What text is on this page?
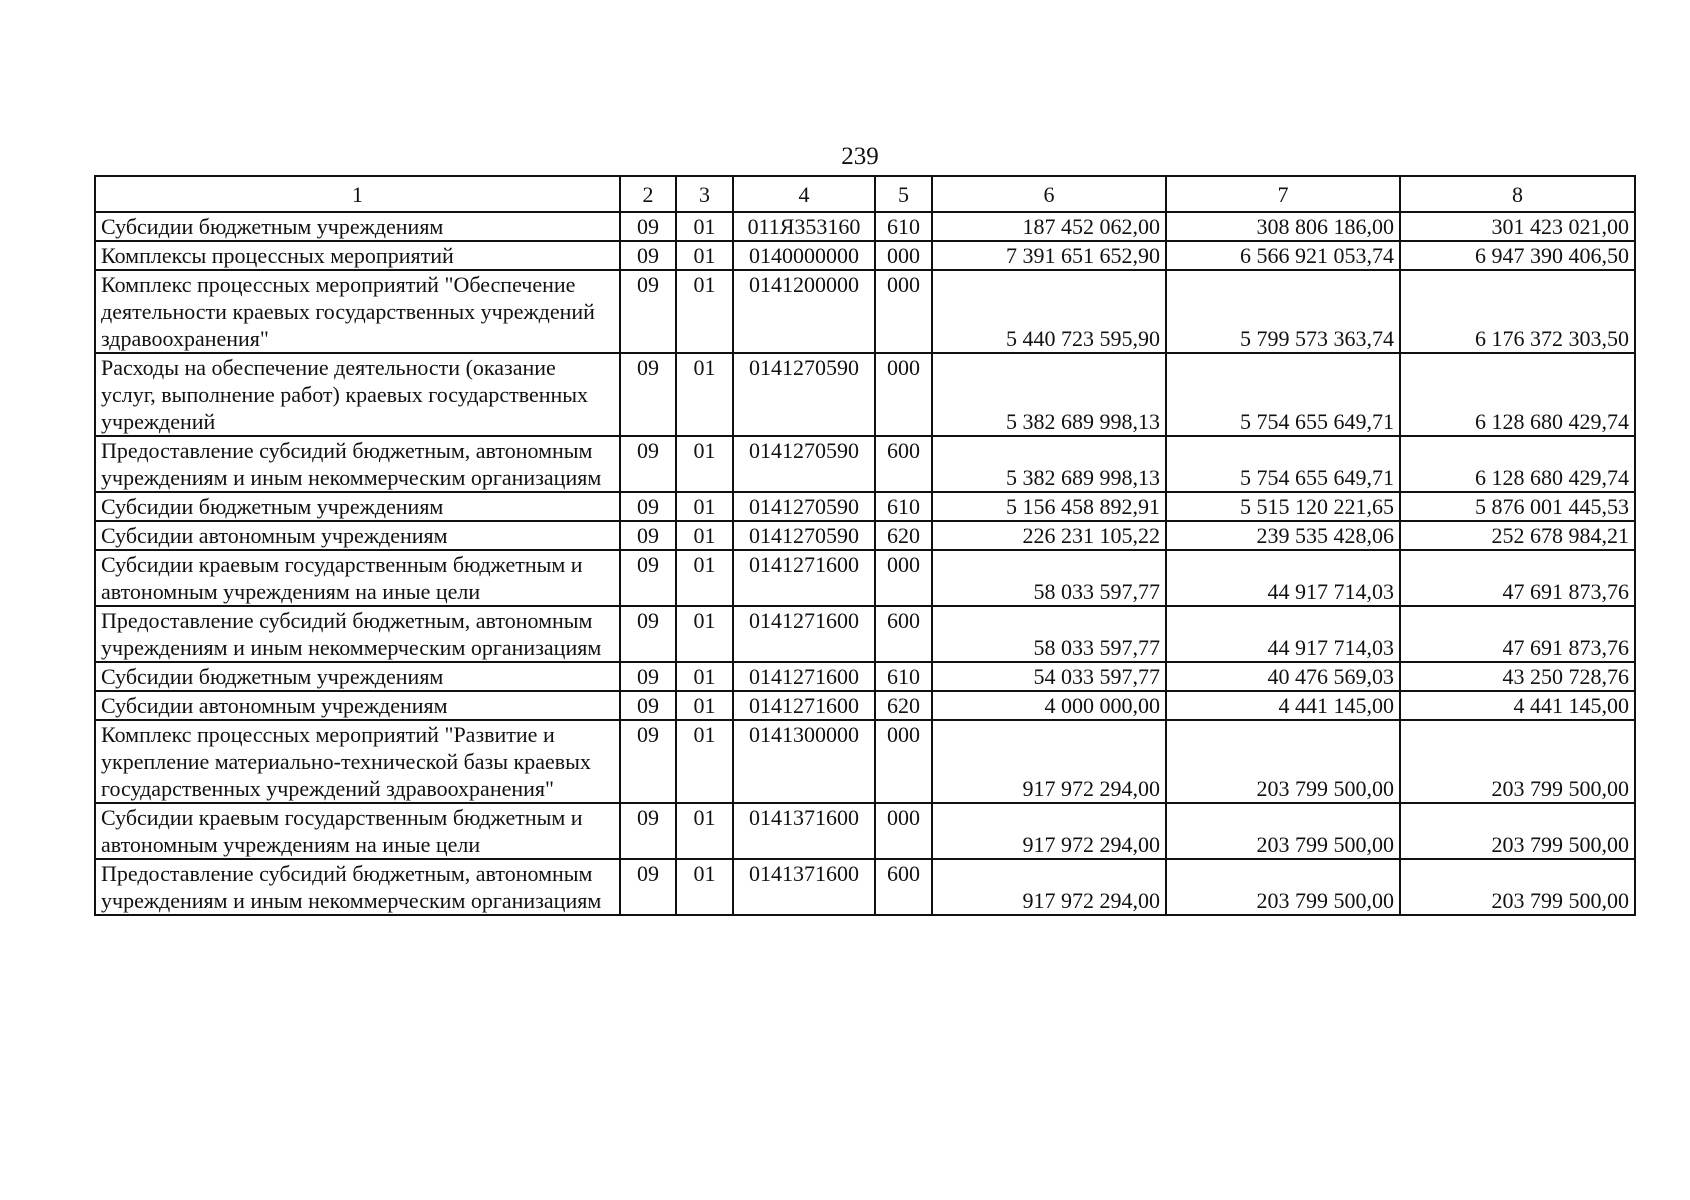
239
1	2	3	4	5	6	7	8
Субсидии бюджетным учреждениям	09	01	011Я353160	610	187 452 062,00	308 806 186,00	301 423 021,00
Комплексы процессных мероприятий	09	01	0140000000	000	7 391 651 652,90	6 566 921 053,74	6 947 390 406,50
Комплекс процессных мероприятий "Обеспечение деятельности краевых государственных учреждений здравоохранения"	09	01	0141200000	000	5 440 723 595,90	5 799 573 363,74	6 176 372 303,50
Расходы на обеспечение деятельности (оказание услуг, выполнение работ) краевых государственных учреждений	09	01	0141270590	000	5 382 689 998,13	5 754 655 649,71	6 128 680 429,74
Предоставление субсидий бюджетным, автономным учреждениям и иным некоммерческим организациям	09	01	0141270590	600	5 382 689 998,13	5 754 655 649,71	6 128 680 429,74
Субсидии бюджетным учреждениям	09	01	0141270590	610	5 156 458 892,91	5 515 120 221,65	5 876 001 445,53
Субсидии автономным учреждениям	09	01	0141270590	620	226 231 105,22	239 535 428,06	252 678 984,21
Субсидии краевым государственным бюджетным и автономным учреждениям на иные цели	09	01	0141271600	000	58 033 597,77	44 917 714,03	47 691 873,76
Предоставление субсидий бюджетным, автономным учреждениям и иным некоммерческим организациям	09	01	0141271600	600	58 033 597,77	44 917 714,03	47 691 873,76
Субсидии бюджетным учреждениям	09	01	0141271600	610	54 033 597,77	40 476 569,03	43 250 728,76
Субсидии автономным учреждениям	09	01	0141271600	620	4 000 000,00	4 441 145,00	4 441 145,00
Комплекс процессных мероприятий "Развитие и укрепление материально-технической базы краевых государственных учреждений здравоохранения"	09	01	0141300000	000	917 972 294,00	203 799 500,00	203 799 500,00
Субсидии краевым государственным бюджетным и автономным учреждениям на иные цели	09	01	0141371600	000	917 972 294,00	203 799 500,00	203 799 500,00
Предоставление субсидий бюджетным, автономным учреждениям и иным некоммерческим организациям	09	01	0141371600	600	917 972 294,00	203 799 500,00	203 799 500,00
